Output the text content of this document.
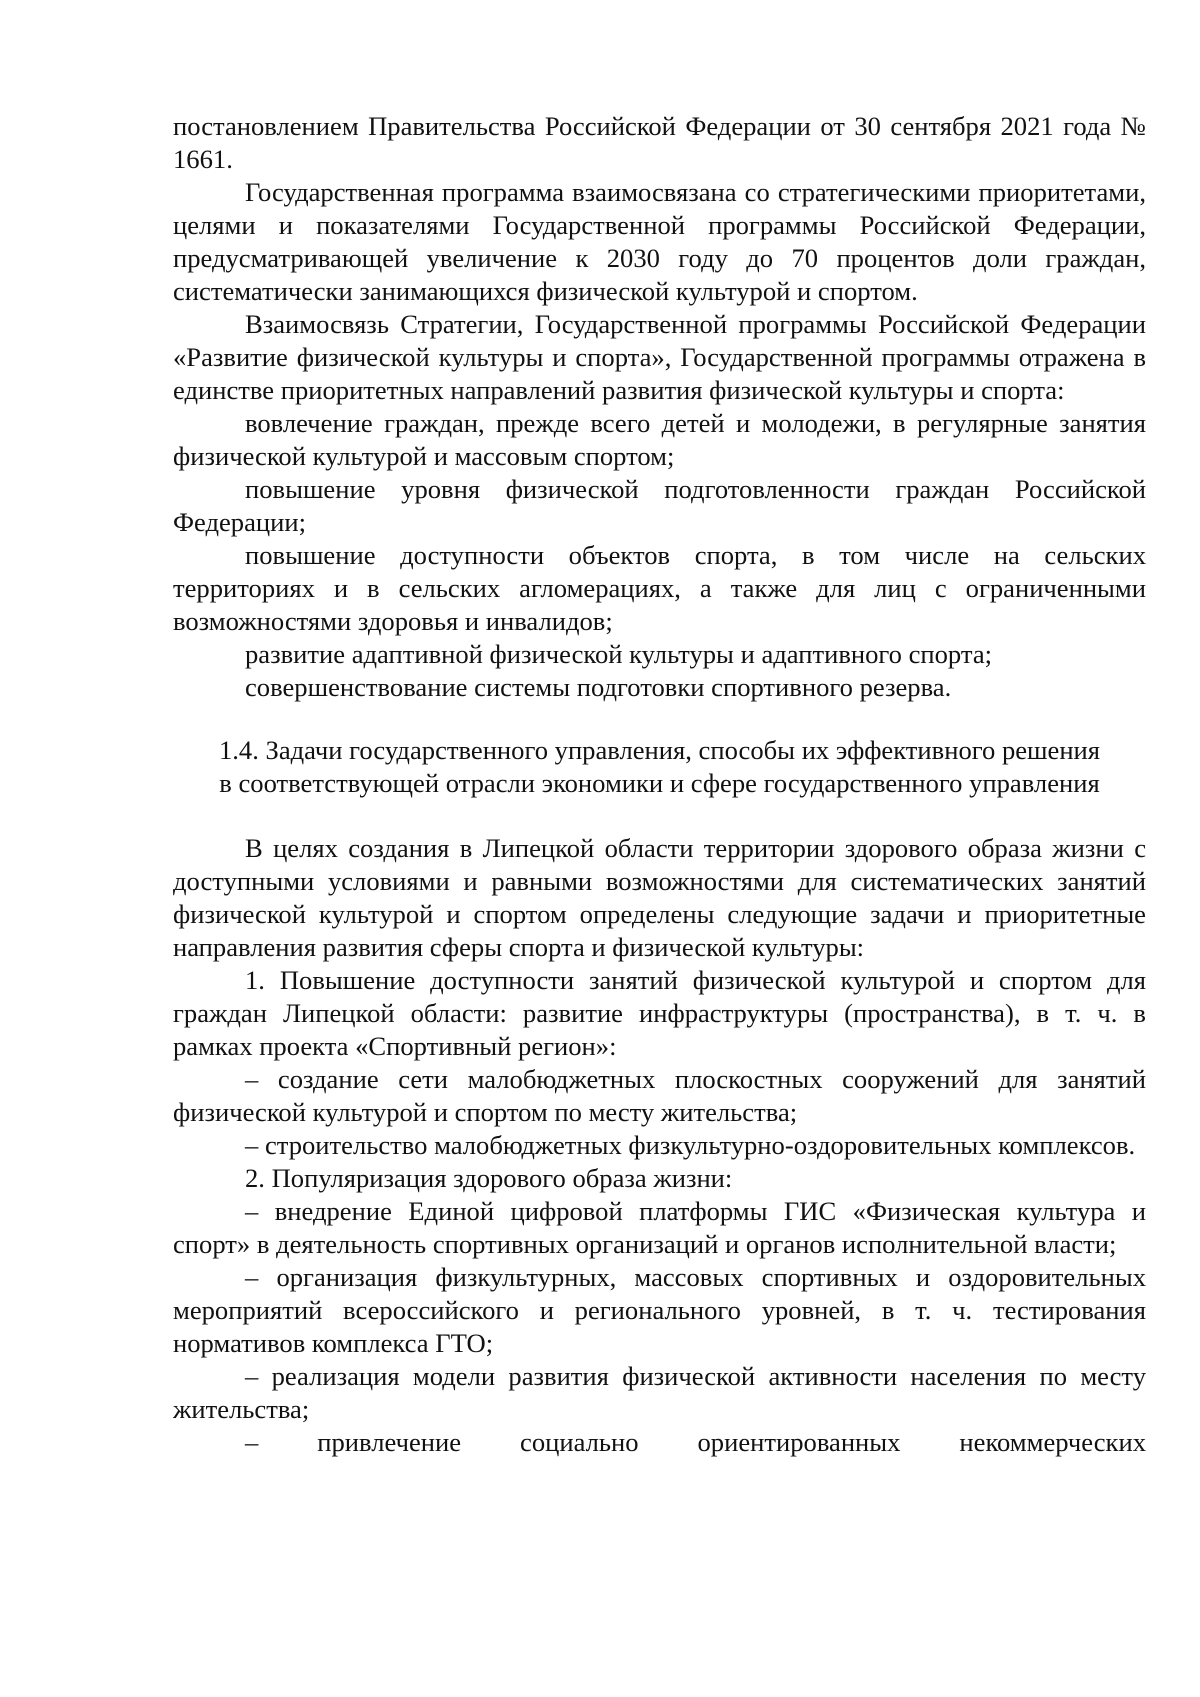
постановлением Правительства Российской Федерации от 30 сентября 2021 года № 1661.

Государственная программа взаимосвязана со стратегическими приоритетами, целями и показателями Государственной программы Российской Федерации, предусматривающей увеличение к 2030 году до 70 процентов доли граждан, систематически занимающихся физической культурой и спортом.

Взаимосвязь Стратегии, Государственной программы Российской Федерации «Развитие физической культуры и спорта», Государственной программы отражена в единстве приоритетных направлений развития физической культуры и спорта:

вовлечение граждан, прежде всего детей и молодежи, в регулярные занятия физической культурой и массовым спортом;

повышение уровня физической подготовленности граждан Российской Федерации;

повышение доступности объектов спорта, в том числе на сельских территориях и в сельских агломерациях, а также для лиц с ограниченными возможностями здоровья и инвалидов;

развитие адаптивной физической культуры и адаптивного спорта;

совершенствование системы подготовки спортивного резерва.

1.4. Задачи государственного управления, способы их эффективного решения
в соответствующей отрасли экономики и сфере государственного управления

В целях создания в Липецкой области территории здорового образа жизни с доступными условиями и равными возможностями для систематических занятий физической культурой и спортом определены следующие задачи и приоритетные направления развития сферы спорта и физической культуры:

1. Повышение доступности занятий физической культурой и спортом для граждан Липецкой области: развитие инфраструктуры (пространства), в т. ч. в рамках проекта «Спортивный регион»:

– создание сети малобюджетных плоскостных сооружений для занятий физической культурой и спортом по месту жительства;

– строительство малобюджетных физкультурно-оздоровительных комплексов.

2. Популяризация здорового образа жизни:

– внедрение Единой цифровой платформы ГИС «Физическая культура и спорт» в деятельность спортивных организаций и органов исполнительной власти;

– организация физкультурных, массовых спортивных и оздоровительных мероприятий всероссийского и регионального уровней, в т. ч. тестирования нормативов комплекса ГТО;

– реализация модели развития физической активности населения по месту жительства;

– привлечение социально ориентированных некоммерческих
